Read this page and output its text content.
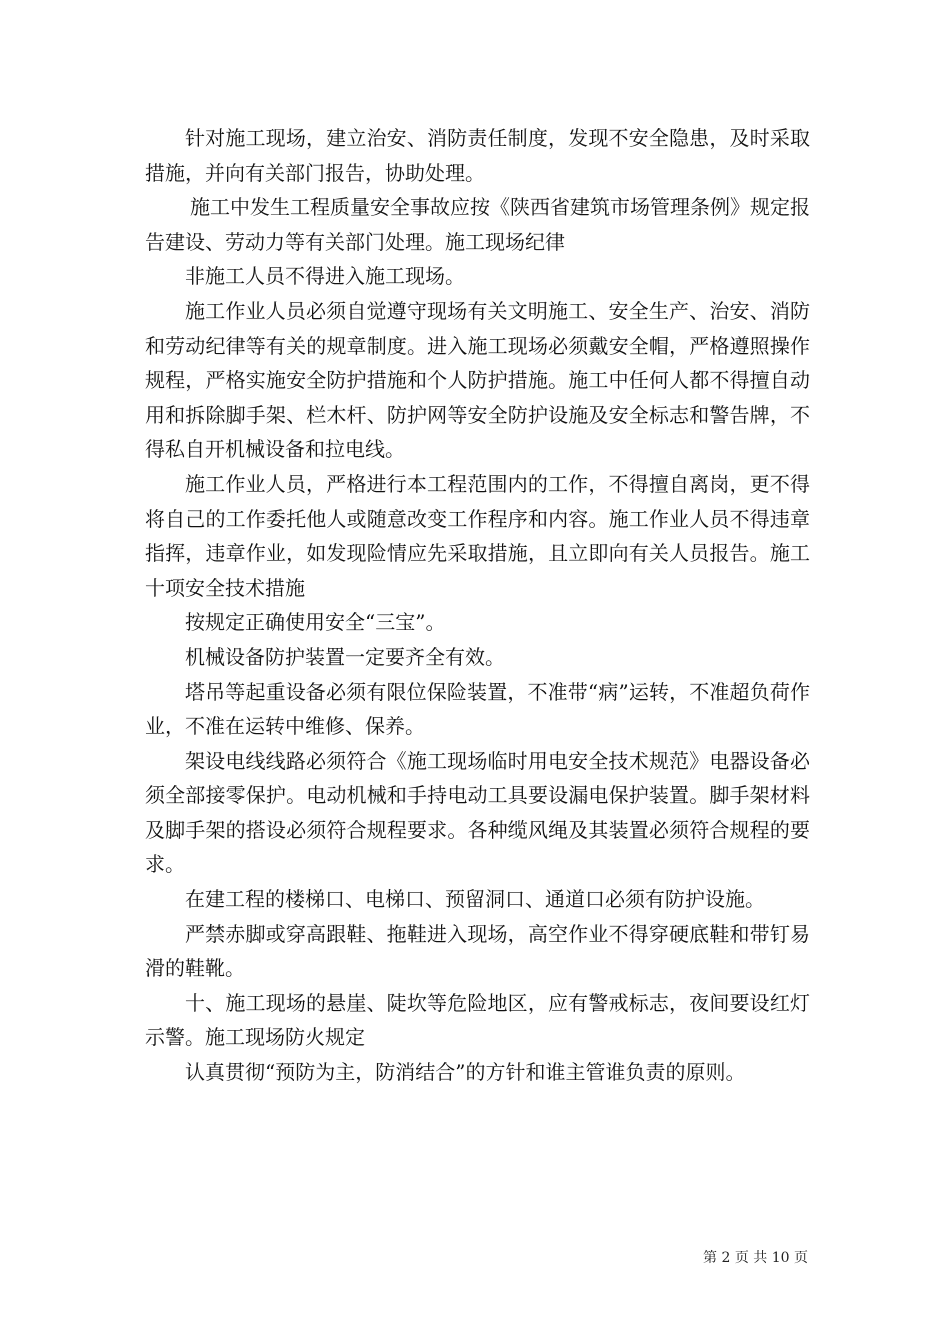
针对施工现场，建立治安、消防责任制度，发现不安全隐患，及时采取措施，并向有关部门报告，协助处理。

施工中发生工程质量安全事故应按《陕西省建筑市场管理条例》规定报告建设、劳动力等有关部门处理。施工现场纪律

非施工人员不得进入施工现场。

施工作业人员必须自觉遵守现场有关文明施工、安全生产、治安、消防和劳动纪律等有关的规章制度。进入施工现场必须戴安全帽，严格遵照操作规程，严格实施安全防护措施和个人防护措施。施工中任何人都不得擅自动用和拆除脚手架、栏木杆、防护网等安全防护设施及安全标志和警告牌，不得私自开机械设备和拉电线。

施工作业人员，严格进行本工程范围内的工作，不得擅自离岗，更不得将自己的工作委托他人或随意改变工作程序和内容。施工作业人员不得违章指挥，违章作业，如发现险情应先采取措施，且立即向有关人员报告。施工十项安全技术措施

按规定正确使用安全“三宝”。

机械设备防护装置一定要齐全有效。

塔吊等起重设备必须有限位保险装置，不准带“病”运转，不准超负荷作业，不准在运转中维修、保养。

架设电线线路必须符合《施工现场临时用电安全技术规范》电器设备必须全部接零保护。电动机械和手持电动工具要设漏电保护装置。脚手架材料及脚手架的搭设必须符合规程要求。各种缆风绳及其装置必须符合规程的要求。

在建工程的楼梯口、电梯口、预留洞口、通道口必须有防护设施。

严禁赤脚或穿高跟鞋、拖鞋进入现场，高空作业不得穿硬底鞋和带钉易滑的鞋靴。

十、施工现场的悬崖、陡坎等危险地区，应有警戒标志，夜间要设红灯示警。施工现场防火规定

认真贯彻“预防为主，防消结合”的方针和谁主管谁负责的原则。

第 2 页 共 10 页
